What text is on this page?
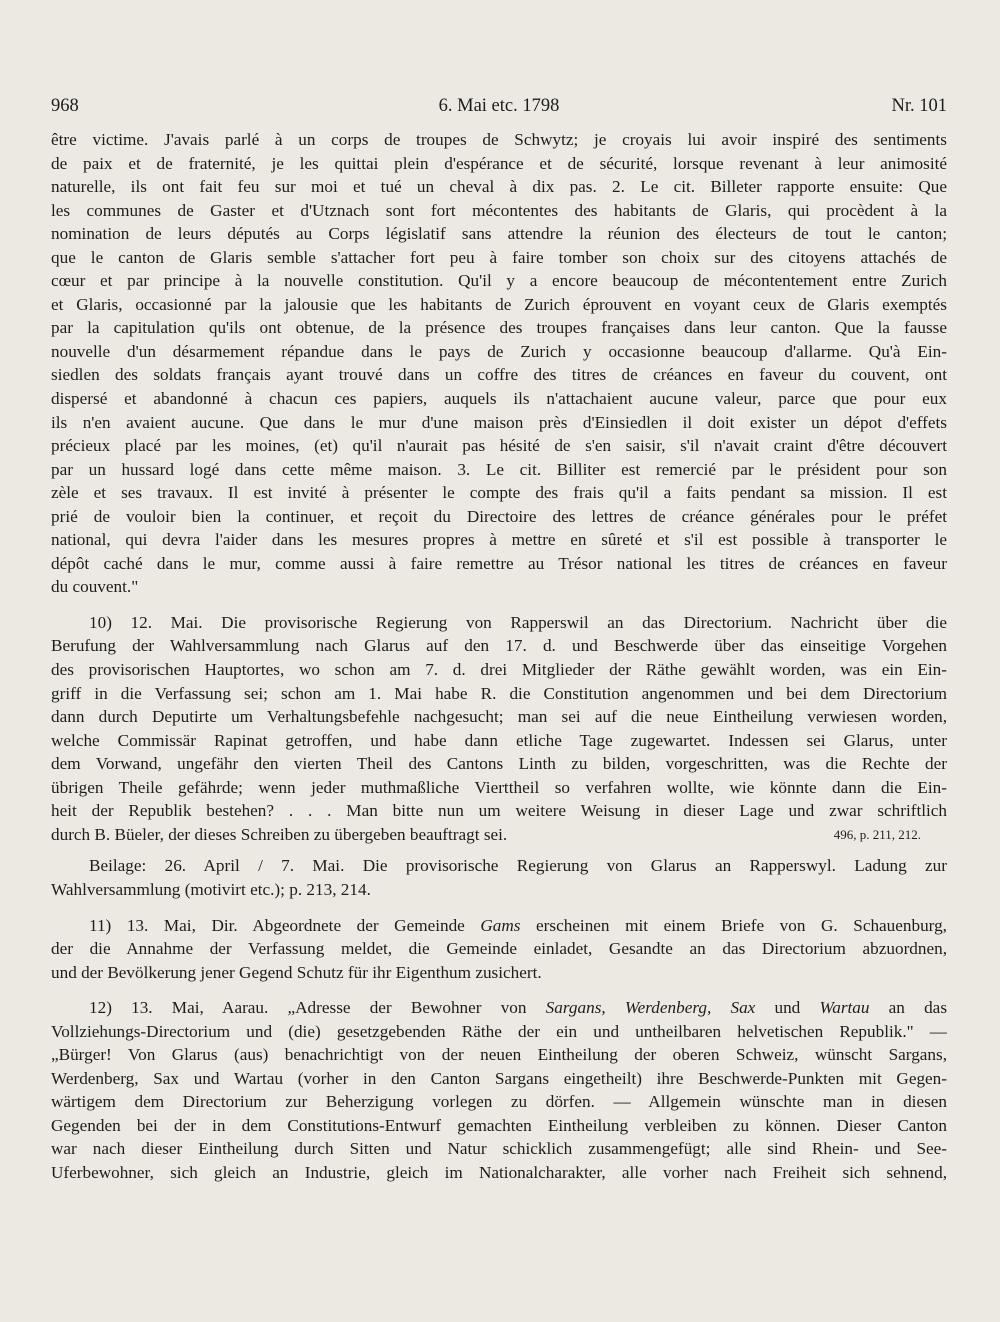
968	6. Mai etc. 1798	Nr. 101
être victime. J'avais parlé à un corps de troupes de Schwytz; je croyais lui avoir inspiré des sentiments
de paix et de fraternité, je les quittai plein d'espérance et de sécurité, lorsque revenant à leur animosité
naturelle, ils ont fait feu sur moi et tué un cheval à dix pas. 2. Le cit. Billeter rapporte ensuite: Que
les communes de Gaster et d'Utznach sont fort mécontentes des habitants de Glaris, qui procèdent à la
nomination de leurs députés au Corps législatif sans attendre la réunion des électeurs de tout le canton;
que le canton de Glaris semble s'attacher fort peu à faire tomber son choix sur des citoyens attachés de
cœur et par principe à la nouvelle constitution. Qu'il y a encore beaucoup de mécontentement entre Zurich
et Glaris, occasionné par la jalousie que les habitants de Zurich éprouvent en voyant ceux de Glaris exemptés
par la capitulation qu'ils ont obtenue, de la présence des troupes françaises dans leur canton. Que la fausse
nouvelle d'un désarmement répandue dans le pays de Zurich y occasionne beaucoup d'allarme. Qu'à Ein-
siedlen des soldats français ayant trouvé dans un coffre des titres de créances en faveur du couvent, ont
dispersé et abandonné à chacun ces papiers, auquels ils n'attachaient aucune valeur, parce que pour eux
ils n'en avaient aucune. Que dans le mur d'une maison près d'Einsiedlen il doit exister un dépot d'effets
précieux placé par les moines, (et) qu'il n'aurait pas hésité de s'en saisir, s'il n'avait craint d'être découvert
par un hussard logé dans cette même maison. 3. Le cit. Billiter est remercié par le président pour son
zèle et ses travaux. Il est invité à présenter le compte des frais qu'il a faits pendant sa mission. Il est
prié de vouloir bien la continuer, et reçoit du Directoire des lettres de créance générales pour le préfet
national, qui devra l'aider dans les mesures propres à mettre en sûreté et s'il est possible à transporter le
dépôt caché dans le mur, comme aussi à faire remettre au Trésor national les titres de créances en faveur
du couvent."
10) 12. Mai. Die provisorische Regierung von Rapperswil an das Directorium. Nachricht über die
Berufung der Wahlversammlung nach Glarus auf den 17. d. und Beschwerde über das einseitige Vorgehen
des provisorischen Hauptortes, wo schon am 7. d. drei Mitglieder der Räthe gewählt worden, was ein Ein-
griff in die Verfassung sei; schon am 1. Mai habe R. die Constitution angenommen und bei dem Directorium
dann durch Deputirte um Verhaltungsbefehle nachgesucht; man sei auf die neue Eintheilung verwiesen worden,
welche Commissär Rapinat getroffen, und habe dann etliche Tage zugewartet. Indessen sei Glarus, unter
dem Vorwand, ungefähr den vierten Theil des Cantons Linth zu bilden, vorgeschritten, was die Rechte der
übrigen Theile gefährde; wenn jeder muthmaßliche Vierttheil so verfahren wollte, wie könnte dann die Ein-
heit der Republik bestehen? . . . Man bitte nun um weitere Weisung in dieser Lage und zwar schriftlich
durch B. Büeler, der dieses Schreiben zu übergeben beauftragt sei.	496, p. 211, 212.
Beilage: 26. April / 7. Mai. Die provisorische Regierung von Glarus an Rapperswyl. Ladung zur
Wahlversammlung (motivirt etc.); p. 213, 214.
11) 13. Mai, Dir. Abgeordnete der Gemeinde Gams erscheinen mit einem Briefe von G. Schauenburg,
der die Annahme der Verfassung meldet, die Gemeinde einladet, Gesandte an das Directorium abzuordnen,
und der Bevölkerung jener Gegend Schutz für ihr Eigenthum zusichert.
12) 13. Mai, Aarau. „Adresse der Bewohner von Sargans, Werdenberg, Sax und Wartau an das
Vollziehungs-Directorium und (die) gesetzgebenden Räthe der ein und untheilbaren helvetischen Republik." —
„Bürger! Von Glarus (aus) benachrichtigt von der neuen Eintheilung der oberen Schweiz, wünscht Sargans,
Werdenberg, Sax und Wartau (vorher in den Canton Sargans eingetheilt) ihre Beschwerde-Punkten mit Gegen-
wärtigem dem Directorium zur Beherzigung vorlegen zu dörfen. — Allgemein wünschte man in diesen
Gegenden bei der in dem Constitutions-Entwurf gemachten Eintheilung verbleiben zu können. Dieser Canton
war nach dieser Eintheilung durch Sitten und Natur schicklich zusammengefügt; alle sind Rhein- und See-
Uferbewohner, sich gleich an Industrie, gleich im Nationalcharakter, alle vorher nach Freiheit sich sehnend,
